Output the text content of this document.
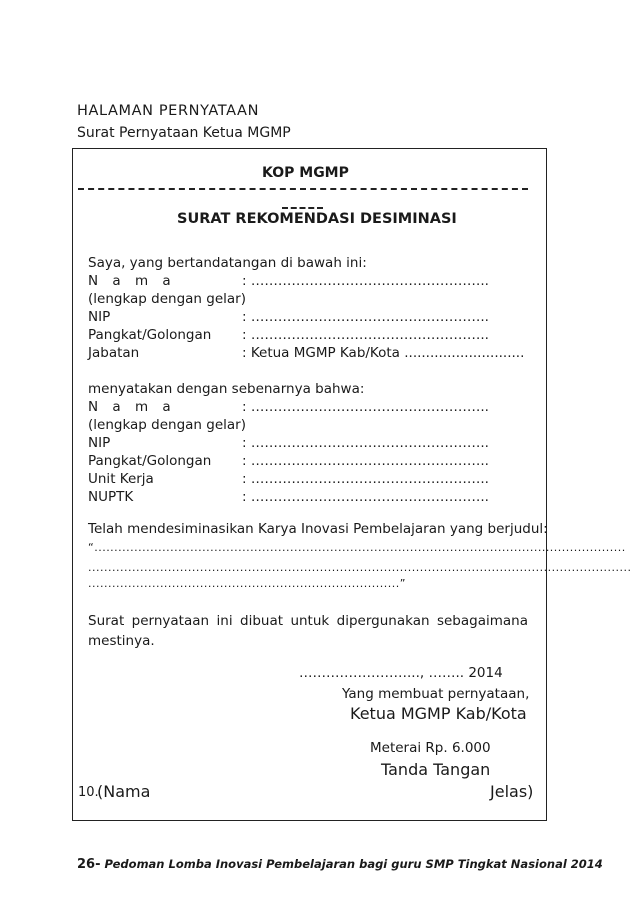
HALAMAN PERNYATAAN
Surat Pernyataan Ketua MGMP
KOP MGMP
SURAT REKOMENDASI DESIMINASI
Saya, yang bertandatangan di bawah ini:
N a m a	: ……………………………………………..
(lengkap dengan gelar)
NIP	: ……………………………………………..
Pangkat/Golongan : ……………………………………………..
Jabatan	: Ketua MGMP Kab/Kota ............................
menyatakan dengan sebenarnya bahwa:
N a m a	: ……………………………………………..
(lengkap dengan gelar)
NIP	: ……………………………………………..
Pangkat/Golongan : ……………………………………………..
Unit Kerja	: ……………………………………………..
NUPTK	: ……………………………………………..
Telah mendesiminasikan Karya Inovasi Pembelajaran yang berjudul:
“.....................................................................................................................................
........................................................................................................................................
..............................................................................”
Surat pernyataan ini dibuat untuk dipergunakan sebagaimana mestinya.
……………………..., …….. 2014
Yang membuat pernyataan,
Ketua MGMP Kab/Kota
Meterai Rp. 6.000
Tanda Tangan
10.
(Nama	Jelas)
26- Pedoman Lomba Inovasi Pembelajaran bagi guru SMP Tingkat Nasional 2014
